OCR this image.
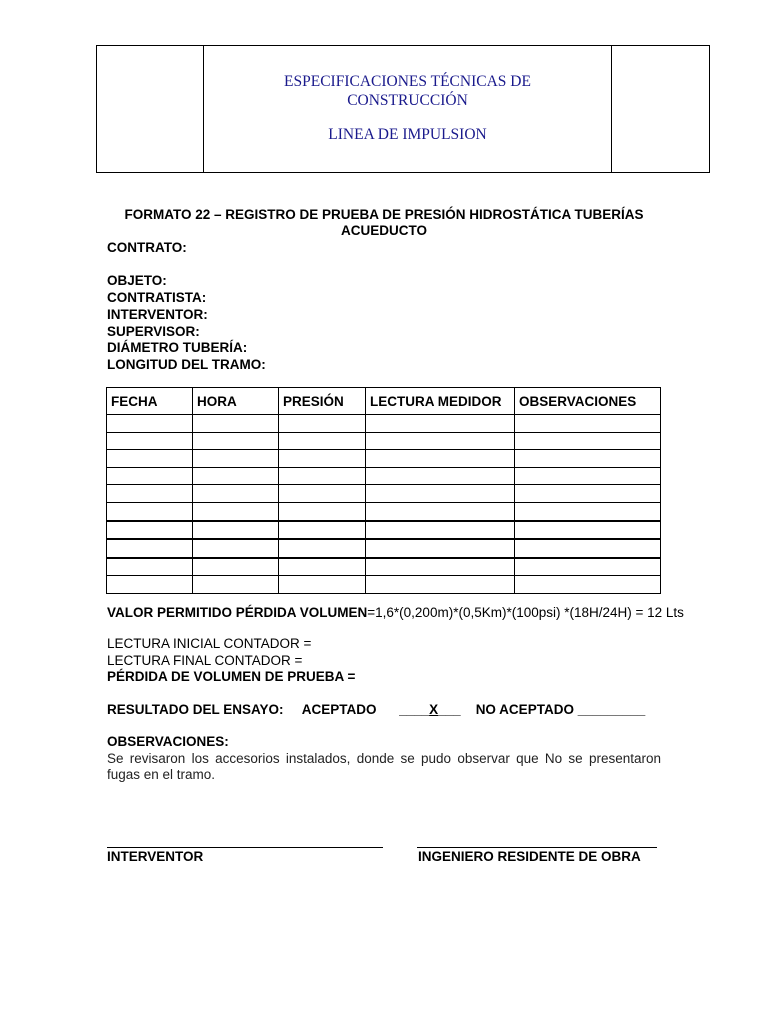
ESPECIFICACIONES TÉCNICAS DE
CONSTRUCCIÓN
LINEA DE IMPULSION
FORMATO 22 – REGISTRO DE PRUEBA DE PRESIÓN HIDROSTÁTICA TUBERÍAS ACUEDUCTO
CONTRATO:
OBJETO:
CONTRATISTA:
INTERVENTOR:
SUPERVISOR:
DIÁMETRO TUBERÍA:
LONGITUD DEL TRAMO:
FECHA	HORA	PRESIÓN	LECTURA MEDIDOR	OBSERVACIONES

VALOR PERMITIDO PÉRDIDA VOLUMEN=1,6*(0,200m)*(0,5Km)*(100psi) *(18H/24H) = 12 Lts
LECTURA INICIAL CONTADOR =
LECTURA FINAL CONTADOR =
PÉRDIDA DE VOLUMEN DE PRUEBA =
RESULTADO DEL ENSAYO: ACEPTADO ____X___ NO ACEPTADO _________
OBSERVACIONES:
Se revisaron los accesorios instalados, donde se pudo observar que No se presentaron fugas en el tramo.
INTERVENTOR	INGENIERO RESIDENTE DE OBRA
